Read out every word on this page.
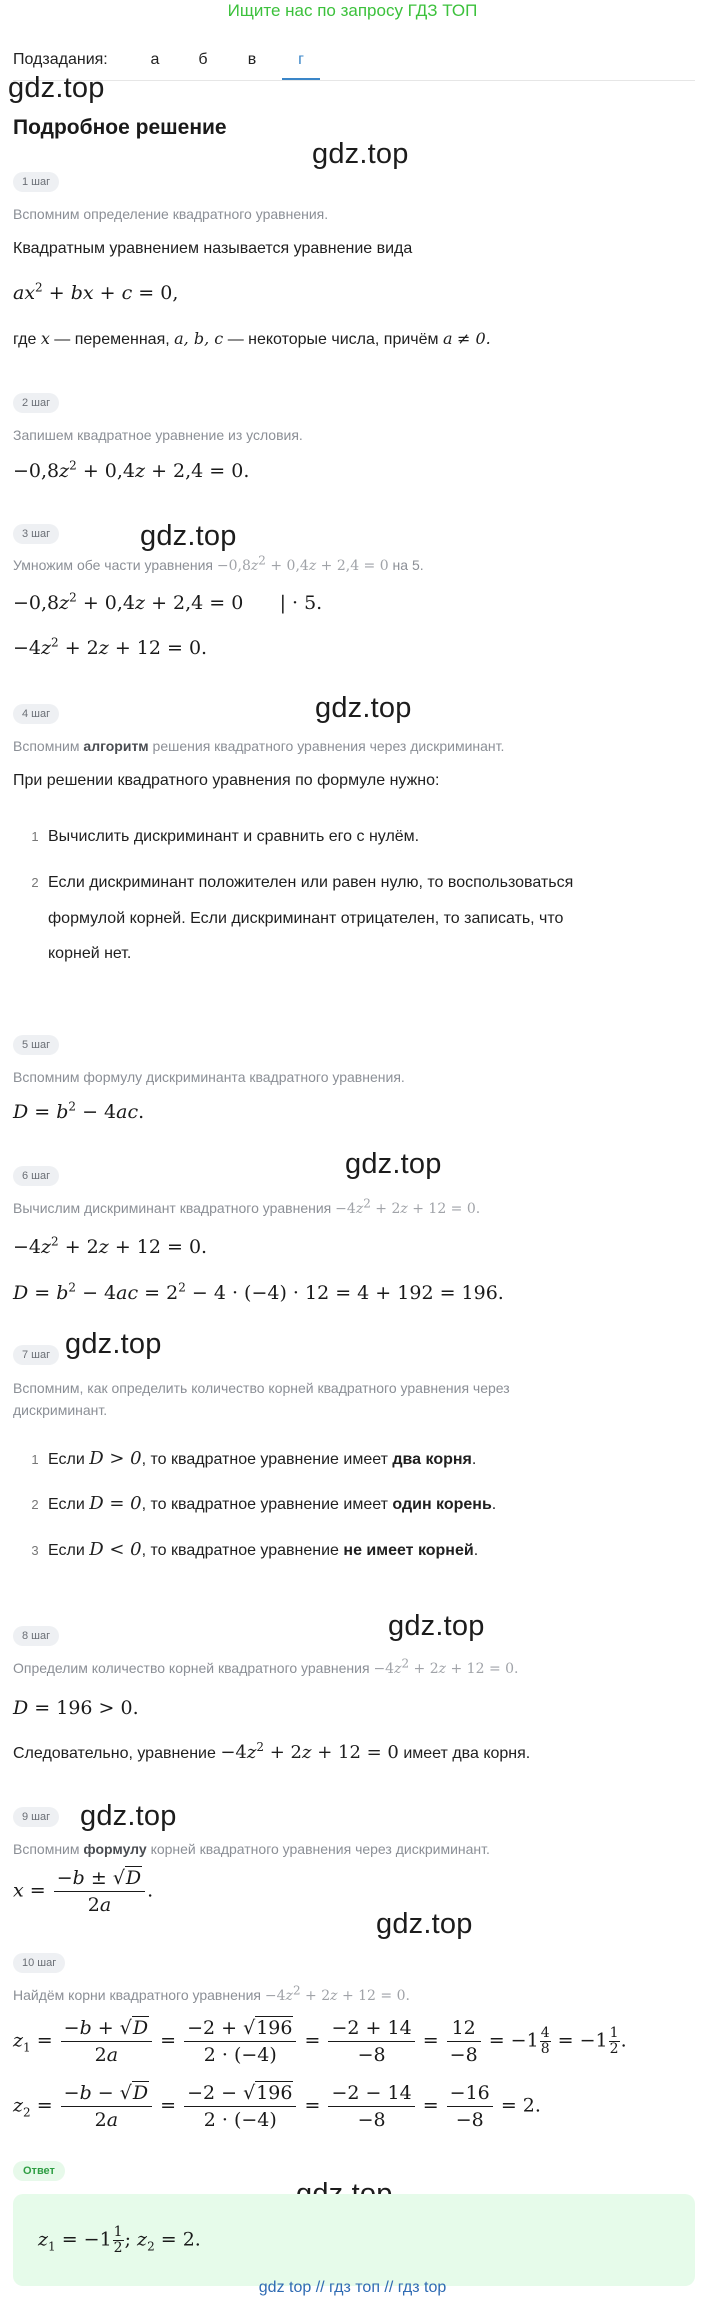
Ищите нас по запросу ГДЗ ТОП
Подзадания:	а	б	в	г
gdz.top
gdz.top
gdz.top
gdz.top
gdz.top
gdz.top
gdz.top
gdz.top
gdz.top
Подробное решение
1 шаг
Вспомним определение квадратного уравнения.
Квадратным уравнением называется уравнение вида
$ax^2$ + bx + c = 0,
где x — переменная, a, b, c — некоторые числа, причём a ≠ 0.
2 шаг
Запишем квадратное уравнение из условия.
$-0,8z^2 + 0,4z + 2,4 = 0$.
3 шаг
Умножим обе части уравнения $-0,8z^2 + 0,4z + 2,4 = 0$ на 5.
$-0,8z^2 + 0,4z + 2,4 = 0$      | · 5.
$-4z^2 + 2z + 12 = 0$.
4 шаг
Вспомним алгоритм решения квадратного уравнения через дискриминант.
При решении квадратного уравнения по формуле нужно:
1 Вычислить дискриминант и сравнить его с нулём.
2 Если дискриминант положителен или равен нулю, то воспользоваться
формулой корней. Если дискриминант отрицателен, то записать, что
корней нет.
5 шаг
Вспомним формулу дискриминанта квадратного уравнения.
$D = b^2 - 4ac$.
6 шаг
Вычислим дискриминант квадратного уравнения $-4z^2 + 2z + 12 = 0$.
$-4z^2 + 2z + 12 = 0$.
$D = b^2 - 4ac = 2^2 - 4 \cdot (-4) \cdot 12 = 4 + 192 = 196$.
7 шаг
Вспомним, как определить количество корней квадратного уравнения через
дискриминант.
1 Если D > 0, то квадратное уравнение имеет два корня.
2 Если D = 0, то квадратное уравнение имеет один корень.
3 Если D < 0, то квадратное уравнение не имеет корней.
8 шаг
Определим количество корней квадратного уравнения $-4z^2 + 2z + 12 = 0$.
D = 196 > 0.
Следовательно, уравнение $-4z^2 + 2z + 12 = 0$ имеет два корня.
9 шаг
Вспомним формулу корней квадратного уравнения через дискриминант.
$x = \frac{-b \pm √D}{2a}$ .
10 шаг
Найдём корни квадратного уравнения $-4z^2 + 2z + 12 = 0$.
$z_1 = \frac{-b + √D}{2a} = \frac{-2 + √196}{2 \cdot (-4)} = \frac{-2 + 14}{-8} = \frac{12}{-8} = -1 \frac{4}{8} = -1 \frac{1}{2}$ .
$z_2 = \frac{-b - √D}{2a} = \frac{-2 - √196}{2 \cdot (-4)} = \frac{-2 - 14}{-8} = \frac{-16}{-8} = 2$.
Ответ
$z_1 = -1 \frac{1}{2}$ ; $z_2 = 2$.
gdz top // гдз топ // гдз top
